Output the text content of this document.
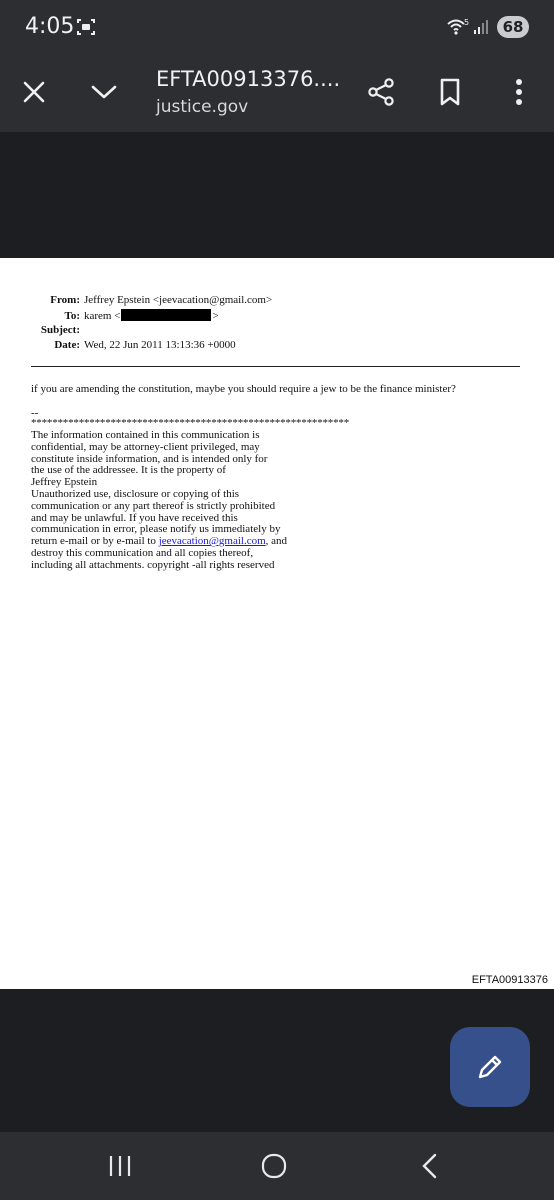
4:05	5	68
EFTA00913376....
justice.gov
From: Jeffrey Epstein <jeevacation@gmail.com>
To: karem <	>
Subject:
Date: Wed, 22 Jun 2011 13:13:36 +0000
if you are amending the constitution, maybe you should require a jew to be the finance minister?
--
************************************************************
The information contained in this communication is
confidential, may be attorney-client privileged, may
constitute inside information, and is intended only for
the use of the addressee. It is the property of
Jeffrey Epstein
Unauthorized use, disclosure or copying of this
communication or any part thereof is strictly prohibited
and may be unlawful. If you have received this
communication in error, please notify us immediately by
return e-mail or by e-mail to jeevacation@gmail.com, and
destroy this communication and all copies thereof,
including all attachments. copyright -all rights reserved
EFTA00913376
